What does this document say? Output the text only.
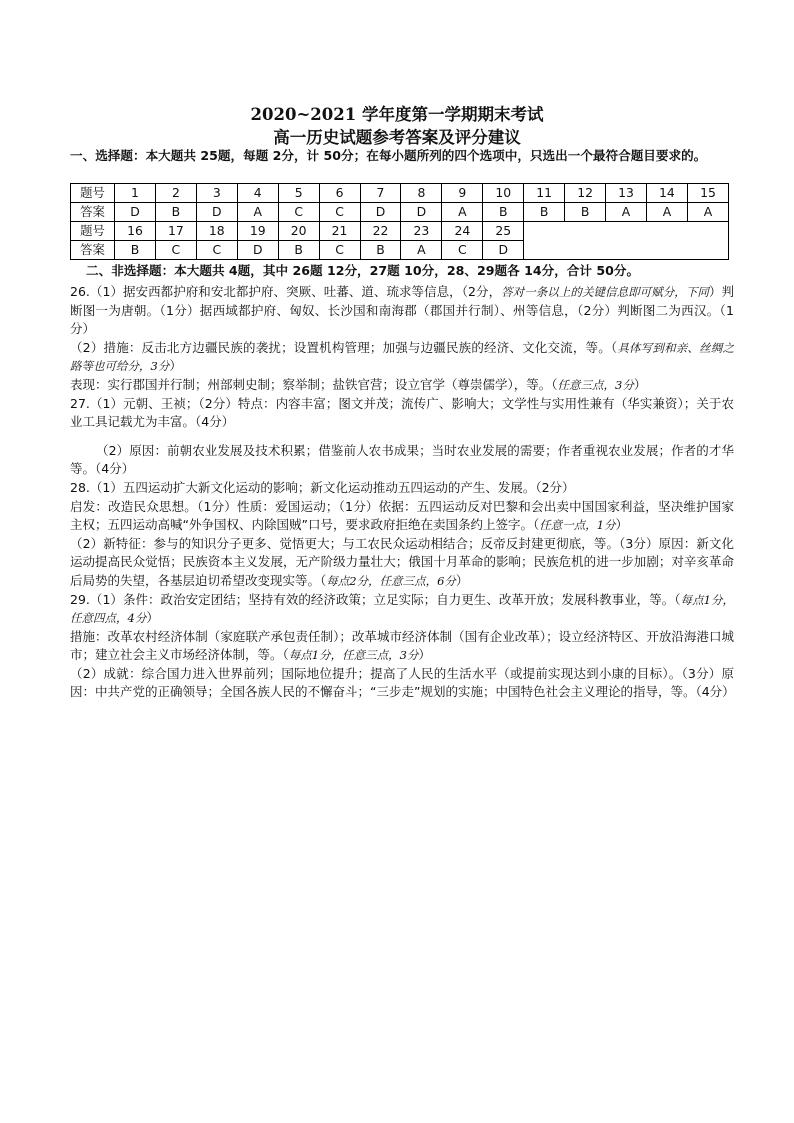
2020~2021 学年度第一学期期末考试
高一历史试题参考答案及评分建议
一、选择题：本大题共 25题，每题 2分，计 50分；在每小题所列的四个选项中，只选出一个最符合题目要求的。
题号	1	2	3	4	5	6	7	8	9	10	11	12	13	14	15
答案	D	B	D	A	C	C	D	D	A	B	B	B	A	A	A
题号	16	17	18	19	20	21	22	23	24	25					
答案	B	C	C	D	B	C	B	A	C	D					
二、非选择题：本大题共 4题，其中 26题 12分，27题 10分，28、29题各 14分，合计 50分。

26.（1）据安西都护府和安北都护府、突厥、吐蕃、道、琉求等信息，（2分，答对一条以上的关键信息即可赋分，下同）判断图一为唐朝。（1分）据西域都护府、匈奴、长沙国和南海郡（郡国并行制）、州等信息，（2分）判断图二为西汉。（1分）

（2）措施：反击北方边疆民族的袭扰；设置机构管理；加强与边疆民族的经济、文化交流，等。（具体写到和亲、丝绸之路等也可给分，3分）

表现：实行郡国并行制；州部刺史制；察举制；盐铁官营；设立官学（尊崇儒学），等。（任意三点，3分）

27.（1）元朝、王祯；（2分）特点：内容丰富；图文并茂；流传广、影响大；文学性与实用性兼有（华实兼资）；关于农业工具记载尤为丰富。（4分）

（2）原因：前朝农业发展及技术积累；借鉴前人农书成果；当时农业发展的需要；作者重视农业发展；作者的才华等。（4分）

28.（1）五四运动扩大新文化运动的影响；新文化运动推动五四运动的产生、发展。（2分）

启发：改造民众思想。（1分）性质：爱国运动；（1分）依据：五四运动反对巴黎和会出卖中国国家利益，坚决维护国家主权；五四运动高喊“外争国权、内除国贼”口号，要求政府拒绝在卖国条约上签字。（任意一点，1分）

（2）新特征：参与的知识分子更多、觉悟更大；与工农民众运动相结合；反帝反封建更彻底，等。（3分）原因：新文化运动提高民众觉悟；民族资本主义发展，无产阶级力量壮大；俄国十月革命的影响；民族危机的进一步加剧；对辛亥革命后局势的失望，各基层迫切希望改变现实等。（每点2分，任意三点，6分）

29.（1）条件：政治安定团结；坚持有效的经济政策；立足实际；自力更生、改革开放；发展科教事业，等。（每点1分，任意四点，4分）

措施：改革农村经济体制（家庭联产承包责任制）；改革城市经济体制（国有企业改革）；设立经济特区、开放沿海港口城市；建立社会主义市场经济体制，等。（每点1分，任意三点，3分）

（2）成就：综合国力进入世界前列；国际地位提升；提高了人民的生活水平（或提前实现达到小康的目标）。（3分）原因：中共产党的正确领导；全国各族人民的不懈奋斗；“三步走”规划的实施；中国特色社会主义理论的指导，等。（4分）
